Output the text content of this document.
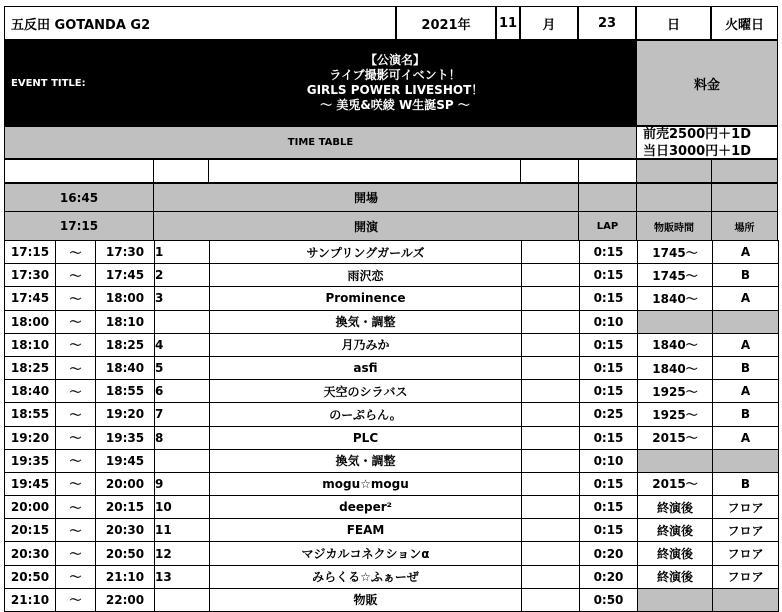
五反田 GOTANDA G2	2021年	11	月	23	日	火曜日
EVENT TITLE:
【公演名】
ライブ撮影可イベント！
GIRLS POWER LIVESHOT！
～ 美兎&咲綾 W生誕SP ～
料金
TIME TABLE
前売2500円＋1D
当日3000円＋1D
16:45	開場
17:15	開演	LAP	物販時間	場所
17:15	～	17:30	1	サンプリングガールズ		0:15	1745～	A
17:30	～	17:45	2	雨沢恋		0:15	1745～	B
17:45	～	18:00	3	Prominence		0:15	1840～	A
18:00	～	18:10		換気・調整		0:10		
18:10	～	18:25	4	月乃みか		0:15	1840～	A
18:25	～	18:40	5	asfi		0:15	1840～	B
18:40	～	18:55	6	天空のシラバス		0:15	1925～	A
18:55	～	19:20	7	のーぷらん。		0:25	1925～	B
19:20	～	19:35	8	PLC		0:15	2015～	A
19:35	～	19:45		換気・調整		0:10		
19:45	～	20:00	9	mogu☆mogu		0:15	2015～	B
20:00	～	20:15	10	deeper²		0:15	終演後	フロア
20:15	～	20:30	11	FEAM		0:15	終演後	フロア
20:30	～	20:50	12	マジカルコネクションα		0:20	終演後	フロア
20:50	～	21:10	13	みらくる☆ふぁーぜ		0:20	終演後	フロア
21:10	～	22:00		物販		0:50		
